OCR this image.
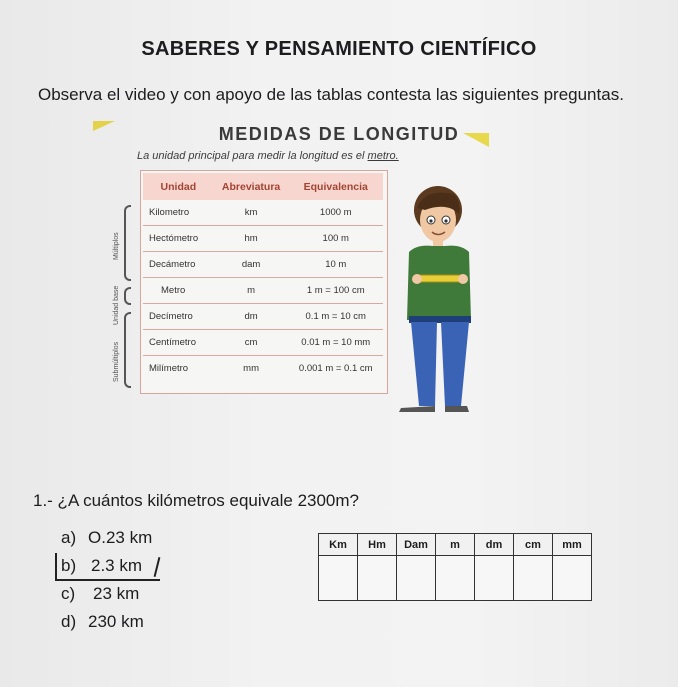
SABERES Y PENSAMIENTO CIENTÍFICO
Observa el video y con apoyo de las tablas contesta las siguientes preguntas.
MEDIDAS DE LONGITUD
La unidad principal para medir la longitud es el metro.
Unidad	Abreviatura	Equivalencia
Kilometro	km	1000 m
Hectómetro	hm	100 m
Decámetro	dam	10 m
Metro	m	1 m = 100 cm
Decímetro	dm	0.1 m = 10 cm
Centímetro	cm	0.01 m = 10 mm
Milímetro	mm	0.001 m = 0.1 cm
Múltiplos
Unidad base
Submúltiplos
1.- ¿A cuántos kilómetros equivale 2300m?
a) O.23 km
b) 2.3 km
c) 23 km
d) 230 km
Km	Hm	Dam	m	dm	cm	mm
